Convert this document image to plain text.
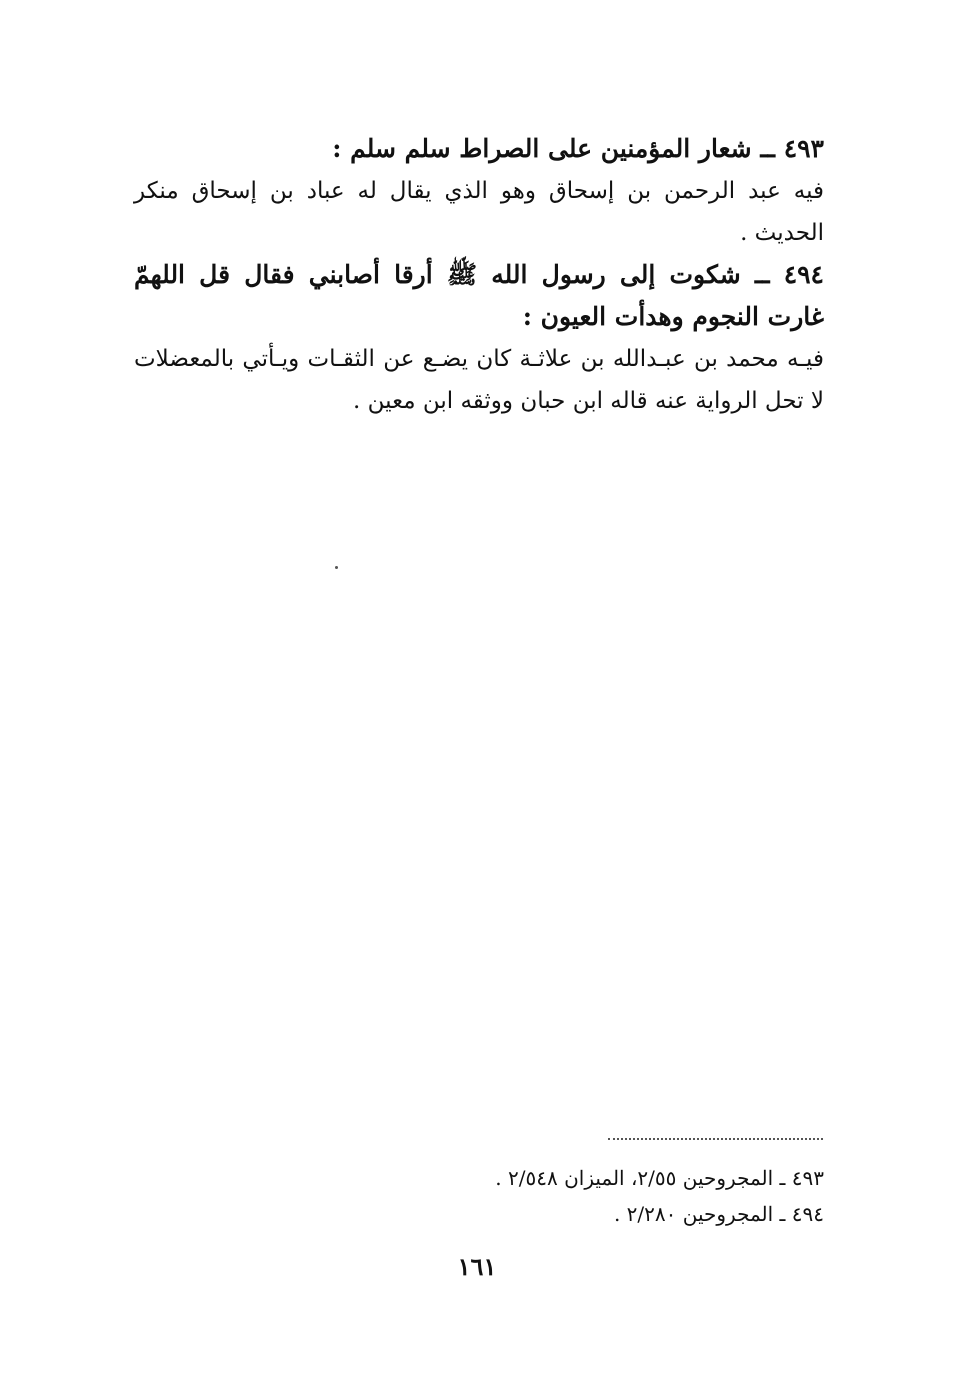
٤٩٣ ــ شعار المؤمنين على الصراط سلم سلم :
فيه عبد الرحمن بن إسحاق وهو الذي يقال له عباد بن إسحاق منكر الحديث .
٤٩٤ ــ شكوت إلى رسول الله ﷺ أرقا أصابني فقال قل اللهمّ غارت النجوم وهدأت العيون :
فيـه محمد بن عبـدالله بن علاثـة كان يضـع عن الثقـات ويـأتي بالمعضلات لا تحل الرواية عنه قاله ابن حبان ووثقه ابن معين .
٤٩٣ ـ المجروحين ٢/٥٥، الميزان ٢/٥٤٨ .
٤٩٤ ـ المجروحين ٢/٢٨٠ .
١٦١
